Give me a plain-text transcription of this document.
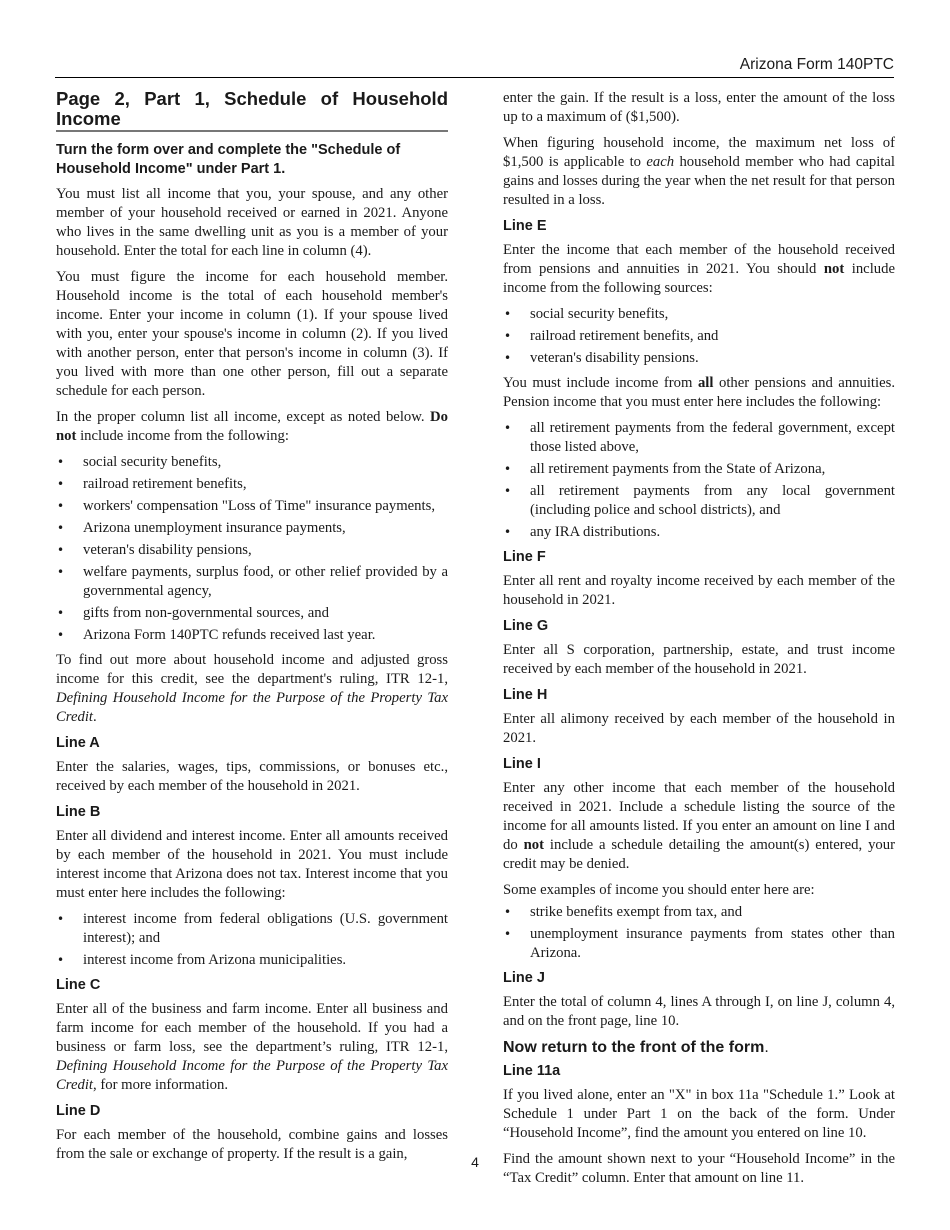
Arizona Form 140PTC
Page 2, Part 1, Schedule of Household Income
Turn the form over and complete the "Schedule of Household Income" under Part 1.

You must list all income that you, your spouse, and any other member of your household received or earned in 2021. Anyone who lives in the same dwelling unit as you is a member of your household. Enter the total for each line in column (4).

You must figure the income for each household member. Household income is the total of each household member's income. Enter your income in column (1). If your spouse lived with you, enter your spouse's income in column (2). If you lived with another person, enter that person's income in column (3). If you lived with more than one other person, fill out a separate schedule for each person.

In the proper column list all income, except as noted below. Do not include income from the following:

• social security benefits,
• railroad retirement benefits,
• workers' compensation "Loss of Time" insurance payments,
• Arizona unemployment insurance payments,
• veteran's disability pensions,
• welfare payments, surplus food, or other relief provided by a governmental agency,
• gifts from non-governmental sources, and
• Arizona Form 140PTC refunds received last year.

To find out more about household income and adjusted gross income for this credit, see the department's ruling, ITR 12-1, Defining Household Income for the Purpose of the Property Tax Credit.

Line A

Enter the salaries, wages, tips, commissions, or bonuses etc., received by each member of the household in 2021.

Line B

Enter all dividend and interest income. Enter all amounts received by each member of the household in 2021. You must include interest income that Arizona does not tax. Interest income that you must enter here includes the following:

• interest income from federal obligations (U.S. government interest); and
• interest income from Arizona municipalities.
Line C

Enter all of the business and farm income. Enter all business and farm income for each member of the household. If you had a business or farm loss, see the department’s ruling, ITR 12-1, Defining Household Income for the Purpose of the Property Tax Credit, for more information.

Line D

For each member of the household, combine gains and losses from the sale or exchange of property. If the result is a gain,

enter the gain. If the result is a loss, enter the amount of the loss up to a maximum of ($1,500).

When figuring household income, the maximum net loss of $1,500 is applicable to each household member who had capital gains and losses during the year when the net result for that person resulted in a loss.

Line E

Enter the income that each member of the household received from pensions and annuities in 2021. You should not include income from the following sources:

• social security benefits,
• railroad retirement benefits, and
• veteran's disability pensions.

You must include income from all other pensions and annuities. Pension income that you must enter here includes the following:

• all retirement payments from the federal government, except those listed above,
• all retirement payments from the State of Arizona,
• all retirement payments from any local government (including police and school districts), and
• any IRA distributions.
Line F

Enter all rent and royalty income received by each member of the household in 2021.

Line G

Enter all S corporation, partnership, estate, and trust income received by each member of the household in 2021.

Line H

Enter all alimony received by each member of the household in 2021.

Line I

Enter any other income that each member of the household received in 2021. Include a schedule listing the source of the income for all amounts listed. If you enter an amount on line I and do not include a schedule detailing the amount(s) entered, your credit may be denied.

Some examples of income you should enter here are:

• strike benefits exempt from tax, and
• unemployment insurance payments from states other than Arizona.
Line J

Enter the total of column 4, lines A through I, on line J, column 4, and on the front page, line 10.

Now return to the front of the form.
Line 11a

If you lived alone, enter an "X" in box 11a "Schedule 1.” Look at Schedule 1 under Part 1 on the back of the form. Under “Household Income”, find the amount you entered on line 10.

Find the amount shown next to your “Household Income” in the “Tax Credit” column. Enter that amount on line 11.

4
